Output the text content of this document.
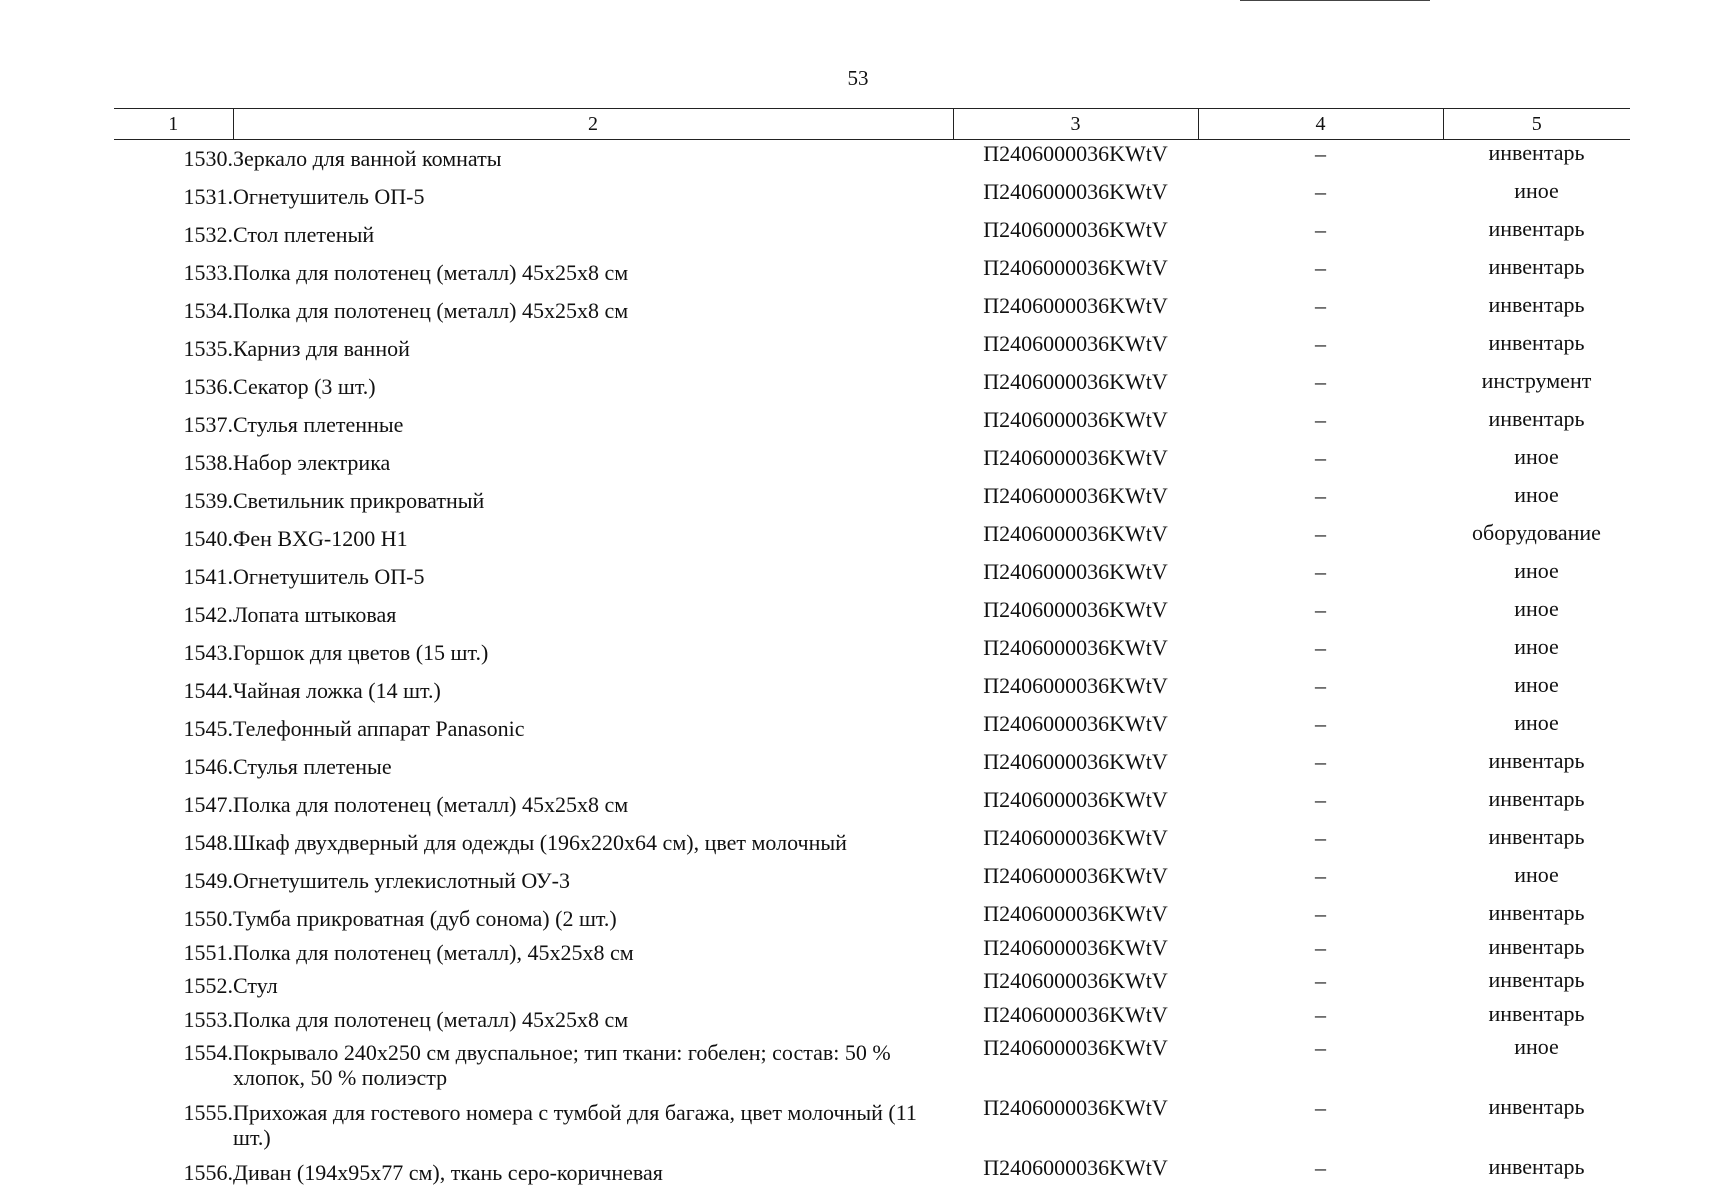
53
1	2	3	4	5
1530.	Зеркало для ванной комнаты	П2406000036KWtV	–	инвентарь
1531.	Огнетушитель ОП-5	П2406000036KWtV	–	иное
1532.	Стол плетеный	П2406000036KWtV	–	инвентарь
1533.	Полка для полотенец (металл) 45x25x8 см	П2406000036KWtV	–	инвентарь
1534.	Полка для полотенец (металл) 45x25x8 см	П2406000036KWtV	–	инвентарь
1535.	Карниз для ванной	П2406000036KWtV	–	инвентарь
1536.	Секатор (3 шт.)	П2406000036KWtV	–	инструмент
1537.	Стулья плетенные	П2406000036KWtV	–	инвентарь
1538.	Набор электрика	П2406000036KWtV	–	иное
1539.	Светильник прикроватный	П2406000036KWtV	–	иное
1540.	Фен BXG-1200 H1	П2406000036KWtV	–	оборудование
1541.	Огнетушитель ОП-5	П2406000036KWtV	–	иное
1542.	Лопата штыковая	П2406000036KWtV	–	иное
1543.	Горшок для цветов (15 шт.)	П2406000036KWtV	–	иное
1544.	Чайная ложка (14 шт.)	П2406000036KWtV	–	иное
1545.	Телефонный аппарат Panasonic	П2406000036KWtV	–	иное
1546.	Стулья плетеные	П2406000036KWtV	–	инвентарь
1547.	Полка для полотенец (металл) 45x25x8 см	П2406000036KWtV	–	инвентарь
1548.	Шкаф двухдверный для одежды (196x220x64 см), цвет молочный	П2406000036KWtV	–	инвентарь
1549.	Огнетушитель углекислотный ОУ-3	П2406000036KWtV	–	иное
1550.	Тумба прикроватная (дуб сонома) (2 шт.)	П2406000036KWtV	–	инвентарь
1551.	Полка для полотенец (металл), 45x25x8 см	П2406000036KWtV	–	инвентарь
1552.	Стул	П2406000036KWtV	–	инвентарь
1553.	Полка для полотенец (металл) 45x25x8 см	П2406000036KWtV	–	инвентарь
1554.	Покрывало 240x250 см двуспальное; тип ткани: гобелен; состав: 50 % хлопок, 50 % полиэстр	П2406000036KWtV	–	иное
1555.	Прихожая для гостевого номера с тумбой для багажа, цвет молочный (11 шт.)	П2406000036KWtV	–	инвентарь
1556.	Диван (194x95x77 см), ткань серо-коричневая	П2406000036KWtV	–	инвентарь
